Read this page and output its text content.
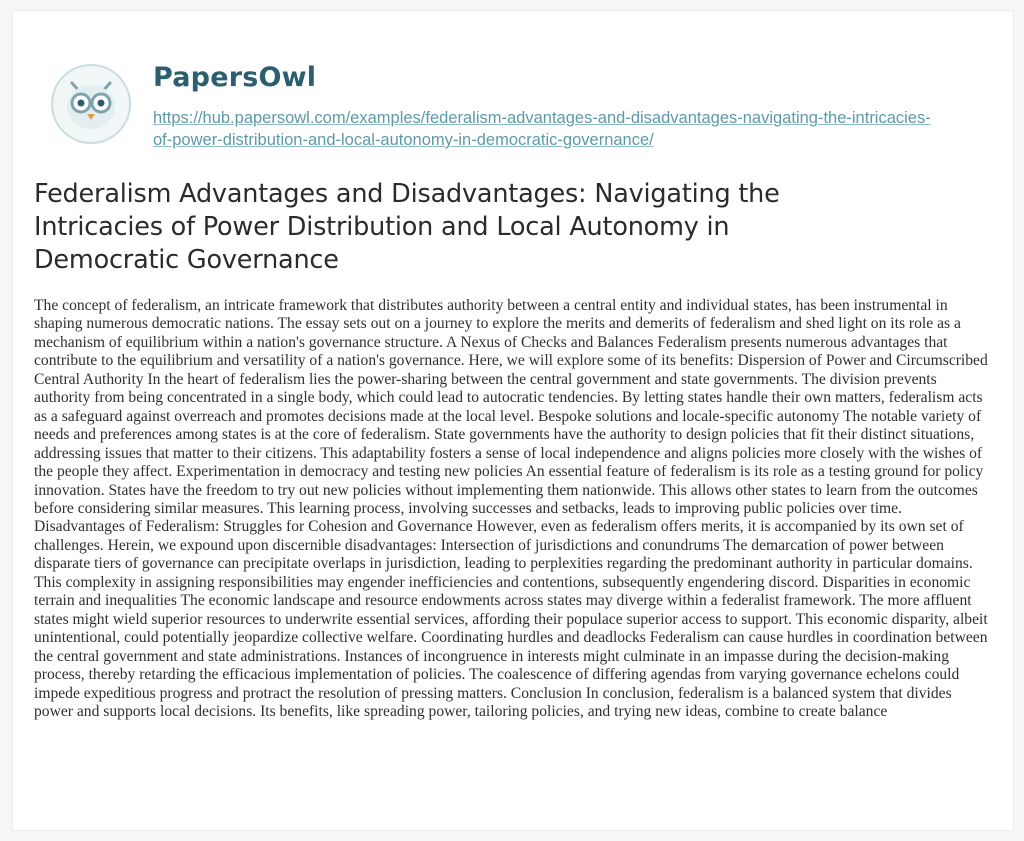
PapersOwl
https://hub.papersowl.com/examples/federalism-advantages-and-disadvantages-navigating-the-intricacies-of-power-distribution-and-local-autonomy-in-democratic-governance/
Federalism Advantages and Disadvantages: Navigating the Intricacies of Power Distribution and Local Autonomy in Democratic Governance

The concept of federalism, an intricate framework that distributes authority between a central entity and individual states, has been instrumental in shaping numerous democratic nations. The essay sets out on a journey to explore the merits and demerits of federalism and shed light on its role as a mechanism of equilibrium within a nation's governance structure. A Nexus of Checks and Balances Federalism presents numerous advantages that contribute to the equilibrium and versatility of a nation's governance. Here, we will explore some of its benefits: Dispersion of Power and Circumscribed Central Authority In the heart of federalism lies the power-sharing between the central government and state governments. The division prevents authority from being concentrated in a single body, which could lead to autocratic tendencies. By letting states handle their own matters, federalism acts as a safeguard against overreach and promotes decisions made at the local level. Bespoke solutions and locale-specific autonomy The notable variety of needs and preferences among states is at the core of federalism. State governments have the authority to design policies that fit their distinct situations, addressing issues that matter to their citizens. This adaptability fosters a sense of local independence and aligns policies more closely with the wishes of the people they affect. Experimentation in democracy and testing new policies An essential feature of federalism is its role as a testing ground for policy innovation. States have the freedom to try out new policies without implementing them nationwide. This allows other states to learn from the outcomes before considering similar measures. This learning process, involving successes and setbacks, leads to improving public policies over time. Disadvantages of Federalism: Struggles for Cohesion and Governance However, even as federalism offers merits, it is accompanied by its own set of challenges. Herein, we expound upon discernible disadvantages: Intersection of jurisdictions and conundrums The demarcation of power between disparate tiers of governance can precipitate overlaps in jurisdiction, leading to perplexities regarding the predominant authority in particular domains. This complexity in assigning responsibilities may engender inefficiencies and contentions, subsequently engendering discord. Disparities in economic terrain and inequalities The economic landscape and resource endowments across states may diverge within a federalist framework. The more affluent states might wield superior resources to underwrite essential services, affording their populace superior access to support. This economic disparity, albeit unintentional, could potentially jeopardize collective welfare. Coordinating hurdles and deadlocks Federalism can cause hurdles in coordination between the central government and state administrations. Instances of incongruence in interests might culminate in an impasse during the decision-making process, thereby retarding the efficacious implementation of policies. The coalescence of differing agendas from varying governance echelons could impede expeditious progress and protract the resolution of pressing matters. Conclusion In conclusion, federalism is a balanced system that divides power and supports local decisions. Its benefits, like spreading power, tailoring policies, and trying new ideas, combine to create balance
